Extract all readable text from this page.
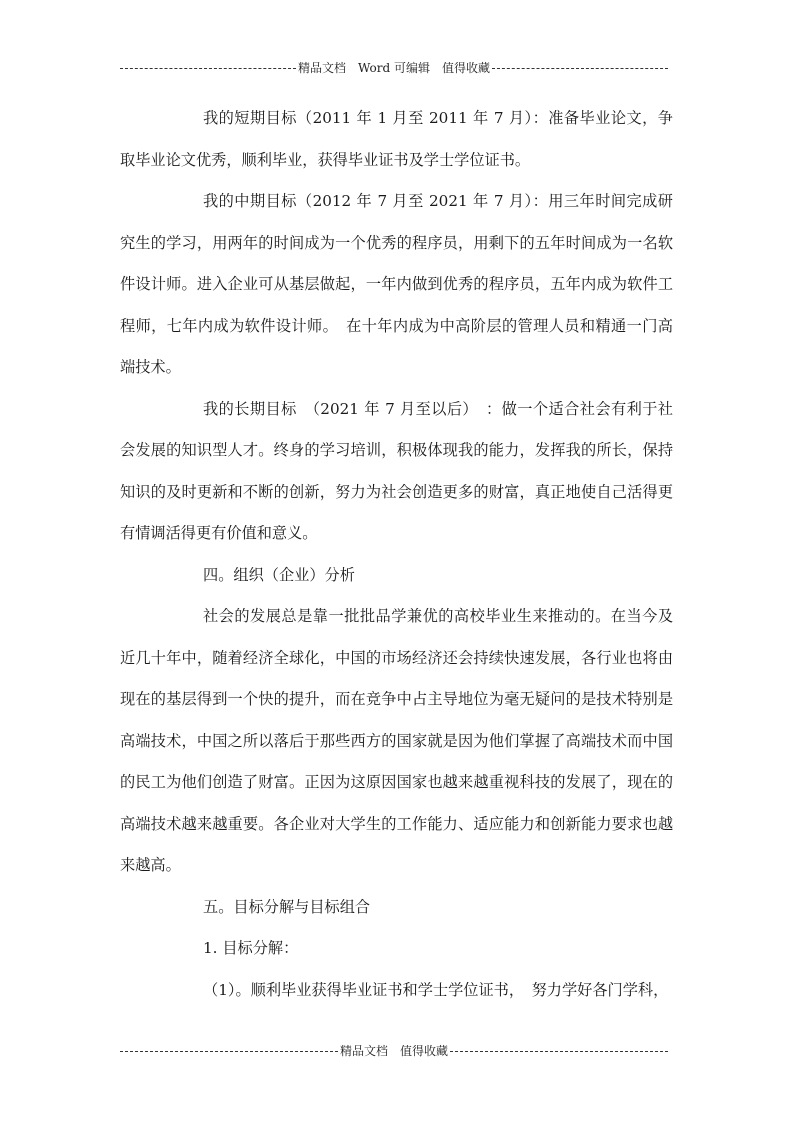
精品文档　Word 可编辑　值得收藏

我的短期目标（2011 年 1 月至 2011 年 7 月）：准备毕业论文，争取毕业论文优秀，顺利毕业，获得毕业证书及学士学位证书。

我的中期目标（2012 年 7 月至 2021 年 7 月）：用三年时间完成研究生的学习，用两年的时间成为一个优秀的程序员，用剩下的五年时间成为一名软件设计师。进入企业可从基层做起，一年内做到优秀的程序员，五年内成为软件工程师，七年内成为软件设计师。　在十年内成为中高阶层的管理人员和精通一门高端技术。

我的长期目标　（2021 年 7 月至以后）　：做一个适合社会有利于社会发展的知识型人才。终身的学习培训，积极体现我的能力，发挥我的所长，保持知识的及时更新和不断的创新，努力为社会创造更多的财富，真正地使自己活得更有情调活得更有价值和意义。

四。组织（企业）分析

社会的发展总是靠一批批品学兼优的高校毕业生来推动的。在当今及近几十年中，随着经济全球化，中国的市场经济还会持续快速发展，各行业也将由现在的基层得到一个快的提升，而在竞争中占主导地位为毫无疑问的是技术特别是高端技术，中国之所以落后于那些西方的国家就是因为他们掌握了高端技术而中国的民工为他们创造了财富。正因为这原因国家也越来越重视科技的发展了，现在的高端技术越来越重要。各企业对大学生的工作能力、适应能力和创新能力要求也越来越高。

五。目标分解与目标组合

1. 目标分解：

（1）。顺利毕业获得毕业证书和学士学位证书，　努力学好各门学科，

精品文档　值得收藏
